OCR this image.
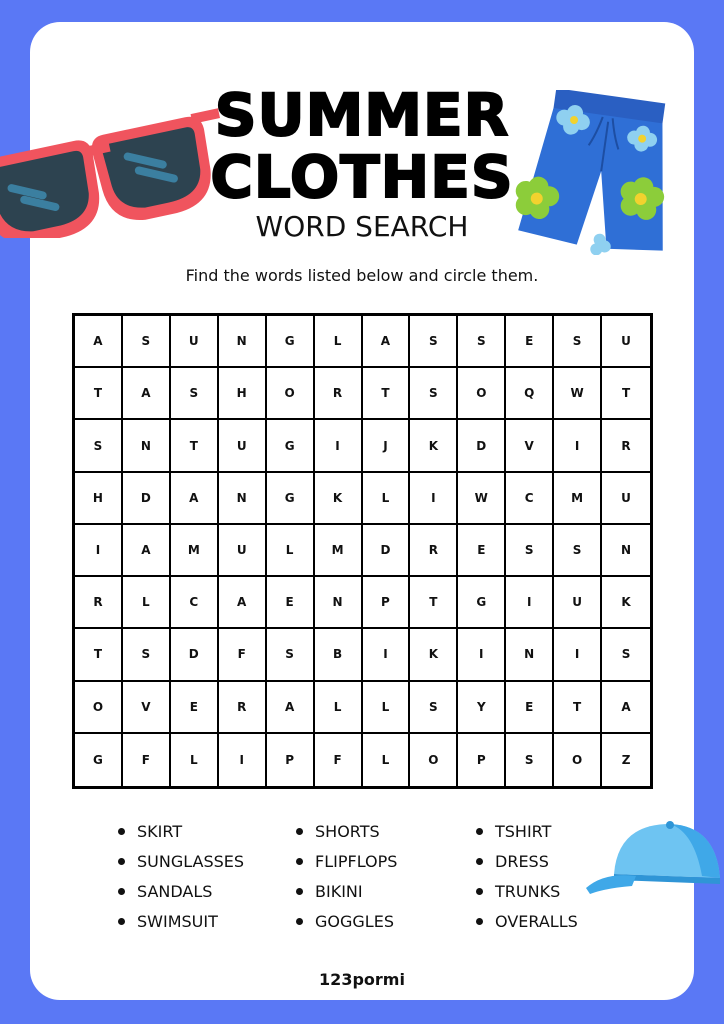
SUMMER
CLOTHES
WORD SEARCH
Find the words listed below and circle them.
A	S	U	N	G	L	A	S	S	E	S	U
T	A	S	H	O	R	T	S	O	Q	W	T
S	N	T	U	G	I	J	K	D	V	I	R
H	D	A	N	G	K	L	I	W	C	M	U
I	A	M	U	L	M	D	R	E	S	S	N
R	L	C	A	E	N	P	T	G	I	U	K
T	S	D	F	S	B	I	K	I	N	I	S
O	V	E	R	A	L	L	S	Y	E	T	A
G	F	L	I	P	F	L	O	P	S	O	Z
SKIRT	SHORTS	TSHIRT
SUNGLASSES	FLIPFLOPS	DRESS
SANDALS	BIKINI	TRUNKS
SWIMSUIT	GOGGLES	OVERALLS
123pormi
